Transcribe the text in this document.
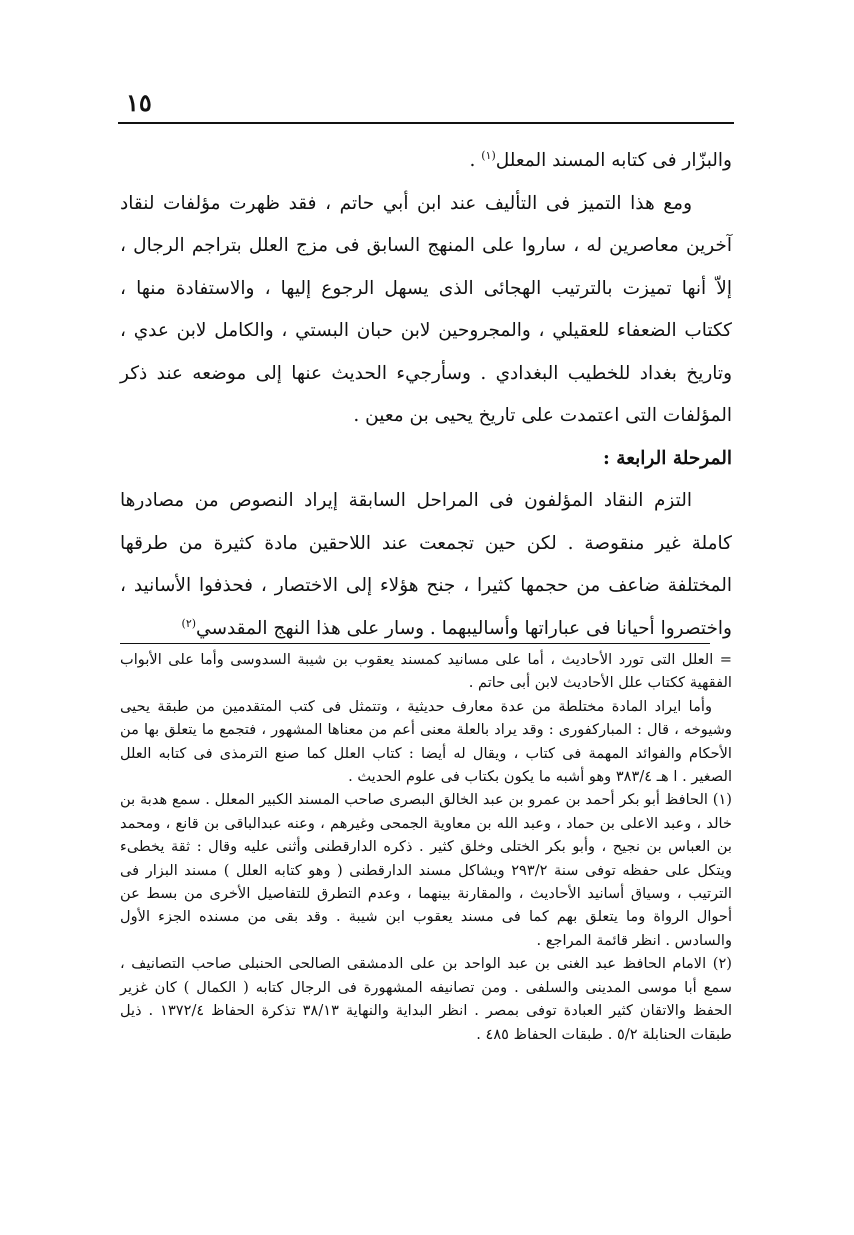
١٥

والبزّار فى كتابه المسند المعلل$^{(١)}$ .

ومع هذا التميز فى التأليف عند ابن أبي حاتم ، فقد ظهرت مؤلفات لنقاد آخرين معاصرين له ، ساروا على المنهج السابق فى مزج العلل بتراجم الرجال ، إلاّ أنها تميزت بالترتيب الهجائى الذى يسهل الرجوع إليها ، والاستفادة منها ، ككتاب الضعفاء للعقيلي ، والمجروحين لابن حبان البستي ، والكامل لابن عدي ، وتاريخ بغداد للخطيب البغدادي . وسأرجيء الحديث عنها إلى موضعه عند ذكر المؤلفات التى اعتمدت على تاريخ يحيى بن معين .

المرحلة الرابعة :

التزم النقاد المؤلفون فى المراحل السابقة إيراد النصوص من مصادرها كاملة غير منقوصة . لكن حين تجمعت عند اللاحقين مادة كثيرة من طرقها المختلفة ضاعف من حجمها كثيرا ، جنح هؤلاء إلى الاختصار ، فحذفوا الأسانيد ، واختصروا أحيانا فى عباراتها وأساليبهما . وسار على هذا النهج المقدسي$^{(٢)}$

= العلل التى تورد الأحاديث ، أما على مسانيد كمسند يعقوب بن شيبة السدوسى وأما على الأبواب الفقهية ككتاب علل الأحاديث لابن أبى حاتم .

وأما ايراد المادة مختلطة من عدة معارف حديثية ، وتتمثل فى كتب المتقدمين من طبقة يحيى وشيوخه ، قال : المباركفورى : وقد يراد بالعلة معنى أعم من معناها المشهور ، فتجمع ما يتعلق بها من الأحكام والفوائد المهمة فى كتاب ، ويقال له أيضا : كتاب العلل كما صنع الترمذى فى كتابه العلل الصغير . ا هـ ٣٨٣/٤ وهو أشبه ما يكون بكتاب فى علوم الحديث .

(١) الحافظ أبو بكر أحمد بن عمرو بن عبد الخالق البصرى صاحب المسند الكبير المعلل . سمع هدبة بن خالد ، وعبد الاعلى بن حماد ، وعبد الله بن معاوية الجمحى وغيرهم ، وعنه عبدالباقى بن قانع ، ومحمد بن العباس بن نجيح ، وأبو بكر الختلى وخلق كثير . ذكره الدارقطنى وأثنى عليه وقال : ثقة يخطىء ويتكل على حفظه توفى سنة ٢٩٣/٢ ويشاكل مسند الدارقطنى ( وهو كتابه العلل ) مسند البزار فى الترتيب ، وسياق أسانيد الأحاديث ، والمقارنة بينهما ، وعدم التطرق للتفاصيل الأخرى من بسط عن أحوال الرواة وما يتعلق بهم كما فى مسند يعقوب ابن شيبة . وقد بقى من مسنده الجزء الأول والسادس . انظر قائمة المراجع .

(٢) الامام الحافظ عبد الغنى بن عبد الواحد بن على الدمشقى الصالحى الحنبلى صاحب التصانيف ، سمع أبا موسى المدينى والسلفى . ومن تصانيفه المشهورة فى الرجال كتابه ( الكمال ) كان غزير الحفظ والاتقان كثير العبادة توفى بمصر . انظر البداية والنهاية ٣٨/١٣ تذكرة الحفاظ ١٣٧٢/٤ . ذيل طبقات الحنابلة ٥/٢ . طبقات الحفاظ ٤٨٥ .
